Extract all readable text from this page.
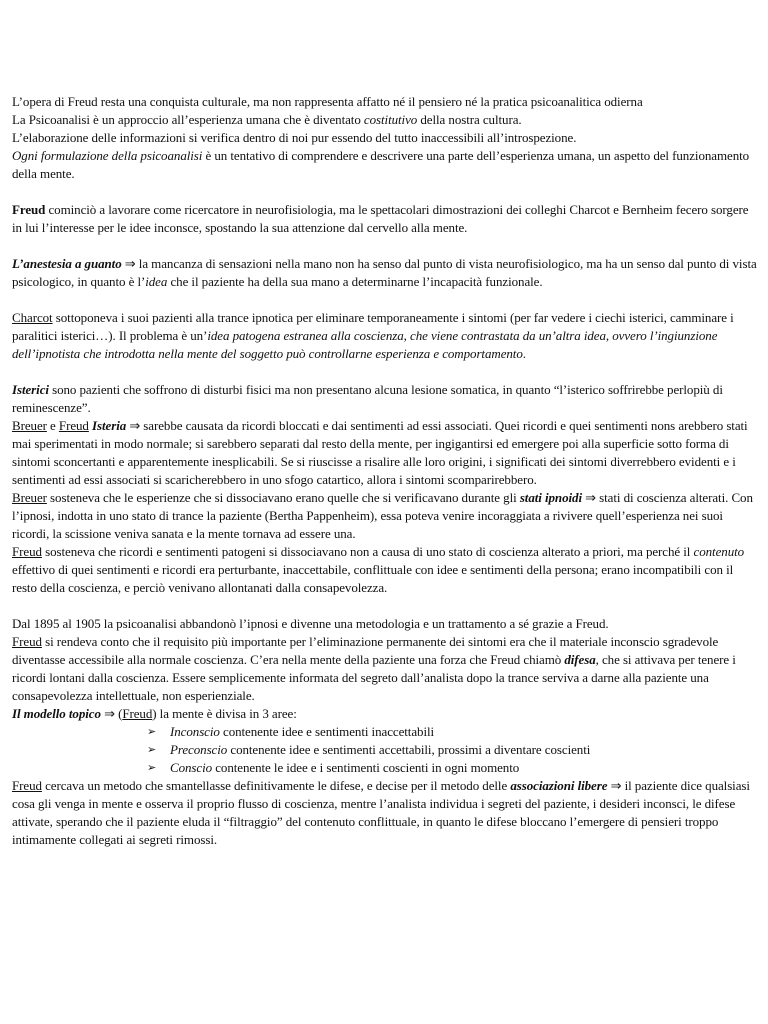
L’opera di Freud resta una conquista culturale, ma non rappresenta affatto né il pensiero né la pratica psicoanalitica odierna

La Psicoanalisi è un approccio all’esperienza umana che è diventato costitutivo della nostra cultura.

L’elaborazione delle informazioni si verifica dentro di noi pur essendo del tutto inaccessibili all’introspezione.

Ogni formulazione della psicoanalisi è un tentativo di comprendere e descrivere una parte dell’esperienza umana, un aspetto del funzionamento della mente.

Freud cominciò a lavorare come ricercatore in neurofisiologia, ma le spettacolari dimostrazioni dei colleghi Charcot e Bernheim fecero sorgere in lui l’interesse per le idee inconsce, spostando la sua attenzione dal cervello alla mente.

L’anestesia a guanto ⇒ la mancanza di sensazioni nella mano non ha senso dal punto di vista neurofisiologico, ma ha un senso dal punto di vista psicologico, in quanto è l’idea che il paziente ha della sua mano a determinarne l’incapacità funzionale.

Charcot sottoponeva i suoi pazienti alla trance ipnotica per eliminare temporaneamente i sintomi (per far vedere i ciechi isterici, camminare i paralitici isterici…). Il problema è un’idea patogena estranea alla coscienza, che viene contrastata da un’altra idea, ovvero l’ingiunzione dell’ipnotista che introdotta nella mente del soggetto può controllarne esperienza e comportamento.

Isterici sono pazienti che soffrono di disturbi fisici ma non presentano alcuna lesione somatica, in quanto “l’isterico soffrirebbe perlopiù di reminescenze”.

Breuer e Freud Isteria ⇒ sarebbe causata da ricordi bloccati e dai sentimenti ad essi associati. Quei ricordi e quei sentimenti nons arebbero stati mai sperimentati in modo normale; si sarebbero separati dal resto della mente, per ingigantirsi ed emergere poi alla superficie sotto forma di sintomi sconcertanti e apparentemente inesplicabili. Se si riuscisse a risalire alle loro origini, i significati dei sintomi diverrebbero evidenti e i sentimenti ad essi associati si scaricherebbero in uno sfogo catartico, allora i sintomi scomparirebbero.

Breuer sosteneva che le esperienze che si dissociavano erano quelle che si verificavano durante gli stati ipnoidi ⇒ stati di coscienza alterati. Con l’ipnosi, indotta in uno stato di trance la paziente (Bertha Pappenheim), essa poteva venire incoraggiata a rivivere quell’esperienza nei suoi ricordi, la scissione veniva sanata e la mente tornava ad essere una.

Freud sosteneva che ricordi e sentimenti patogeni si dissociavano non a causa di uno stato di coscienza alterato a priori, ma perché il contenuto effettivo di quei sentimenti e ricordi era perturbante, inaccettabile, conflittuale con idee e sentimenti della persona; erano incompatibili con il resto della coscienza, e perciò venivano allontanati dalla consapevolezza.

Dal 1895 al 1905 la psicoanalisi abbandonò l’ipnosi e divenne una metodologia e un trattamento a sé grazie a Freud.

Freud si rendeva conto che il requisito più importante per l’eliminazione permanente dei sintomi era che il materiale inconscio sgradevole diventasse accessibile alla normale coscienza. C’era nella mente della paziente una forza che Freud chiamò difesa, che si attivava per tenere i ricordi lontani dalla coscienza. Essere semplicemente informata del segreto dall’analista dopo la trance serviva a darne alla paziente una consapevolezza intellettuale, non esperienziale.

Il modello topico ⇒ (Freud) la mente è divisa in 3 aree:

➢ Inconscio contenente idee e sentimenti inaccettabili
➢ Preconscio contenente idee e sentimenti accettabili, prossimi a diventare coscienti
➢ Conscio contenente le idee e i sentimenti coscienti in ogni momento

Freud cercava un metodo che smantellasse definitivamente le difese, e decise per il metodo delle associazioni libere ⇒ il paziente dice qualsiasi cosa gli venga in mente e osserva il proprio flusso di coscienza, mentre l’analista individua i segreti del paziente, i desideri inconsci, le difese attivate, sperando che il paziente eluda il “filtraggio” del contenuto conflittuale, in quanto le difese bloccano l’emergere di pensieri troppo intimamente collegati ai segreti rimossi.
